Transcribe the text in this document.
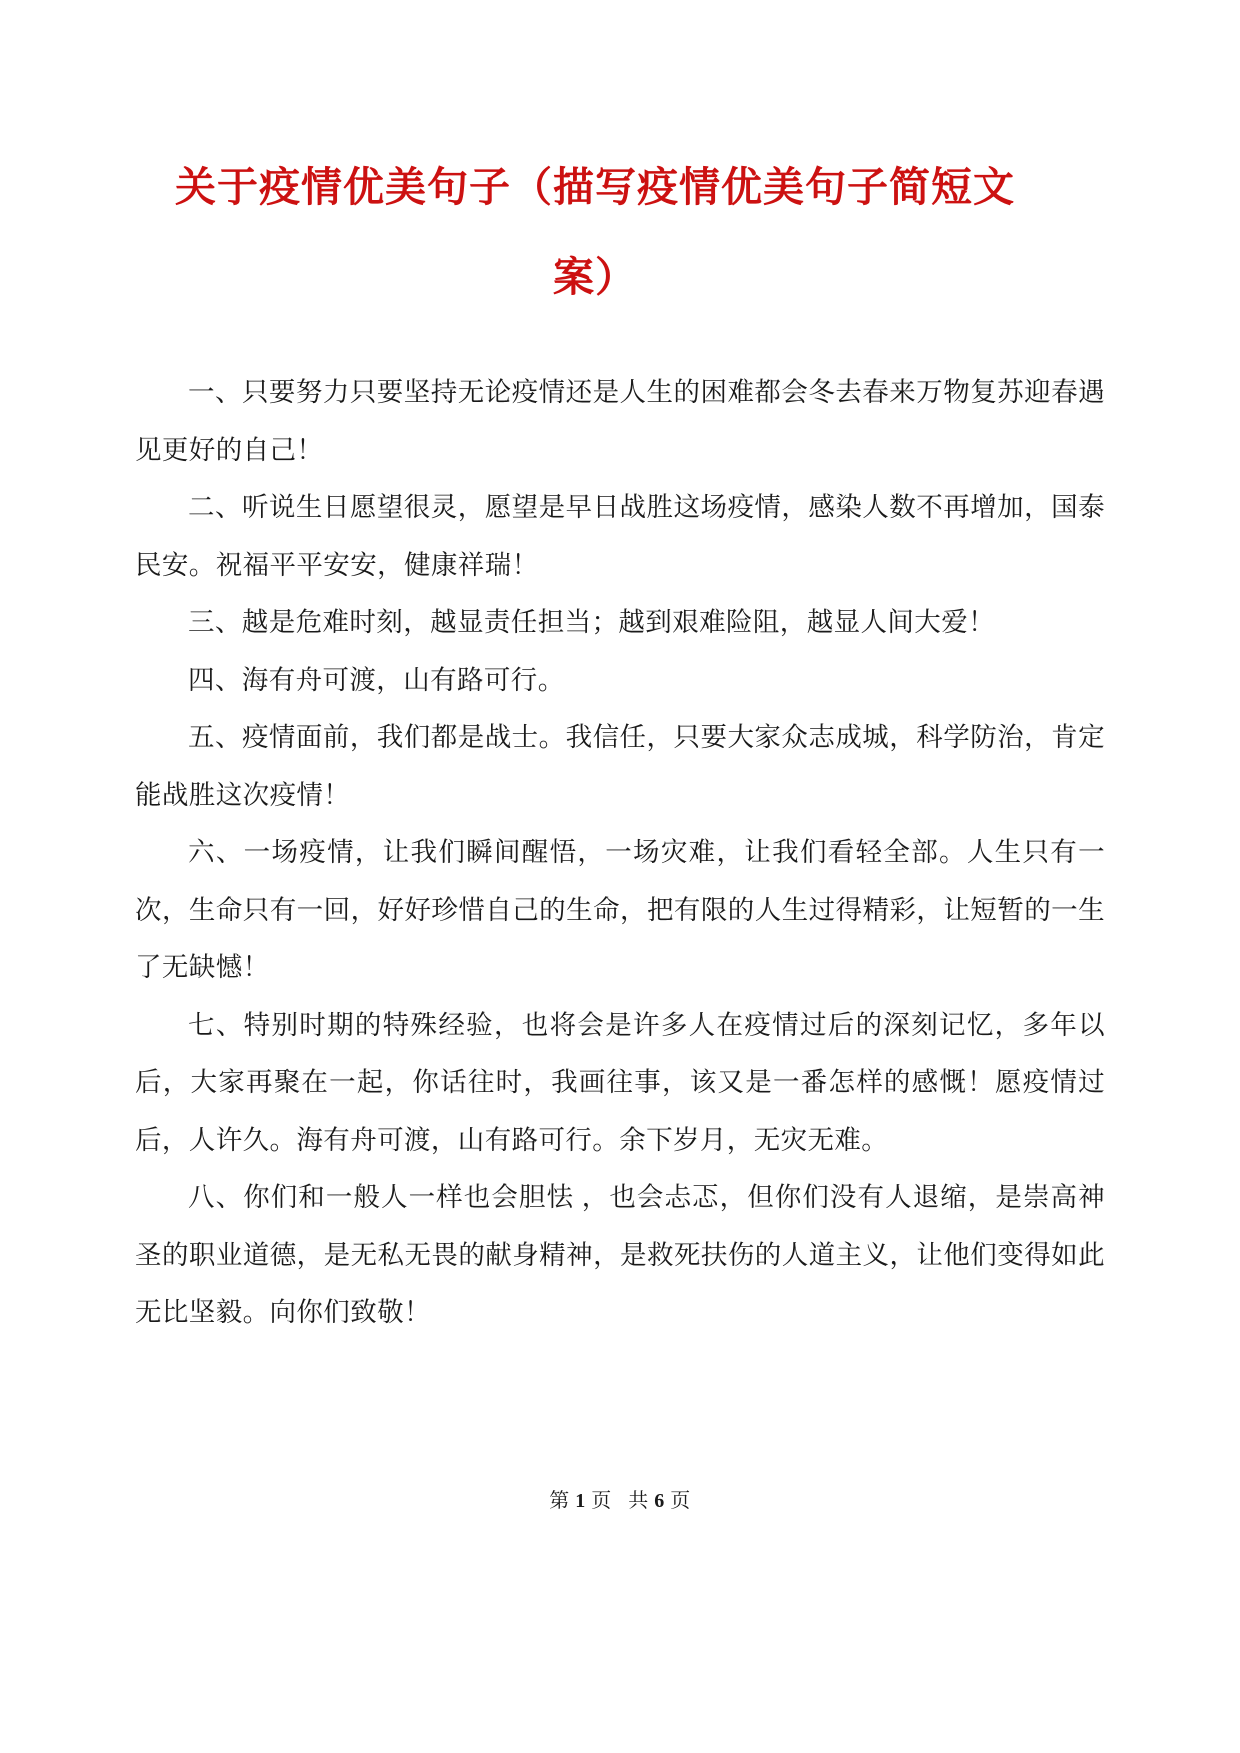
关于疫情优美句子（描写疫情优美句子简短文案）

一、只要努力只要坚持无论疫情还是人生的困难都会冬去春来万物复苏迎春遇见更好的自己！

二、听说生日愿望很灵，愿望是早日战胜这场疫情，感染人数不再增加，国泰民安。祝福平平安安，健康祥瑞！

三、越是危难时刻，越显责任担当；越到艰难险阻，越显人间大爱！

四、海有舟可渡，山有路可行。

五、疫情面前，我们都是战士。我信任，只要大家众志成城，科学防治，肯定能战胜这次疫情！

六、一场疫情，让我们瞬间醒悟，一场灾难，让我们看轻全部。人生只有一次，生命只有一回，好好珍惜自己的生命，把有限的人生过得精彩，让短暂的一生了无缺憾！

七、特别时期的特殊经验，也将会是许多人在疫情过后的深刻记忆，多年以后，大家再聚在一起，你话往时，我画往事，该又是一番怎样的感慨！愿疫情过后，人许久。海有舟可渡，山有路可行。余下岁月，无灾无难。

八、你们和一般人一样也会胆怯 ，也会忐忑，但你们没有人退缩，是崇高神圣的职业道德，是无私无畏的献身精神，是救死扶伤的人道主义，让他们变得如此无比坚毅。向你们致敬！

第 1 页 共 6 页
